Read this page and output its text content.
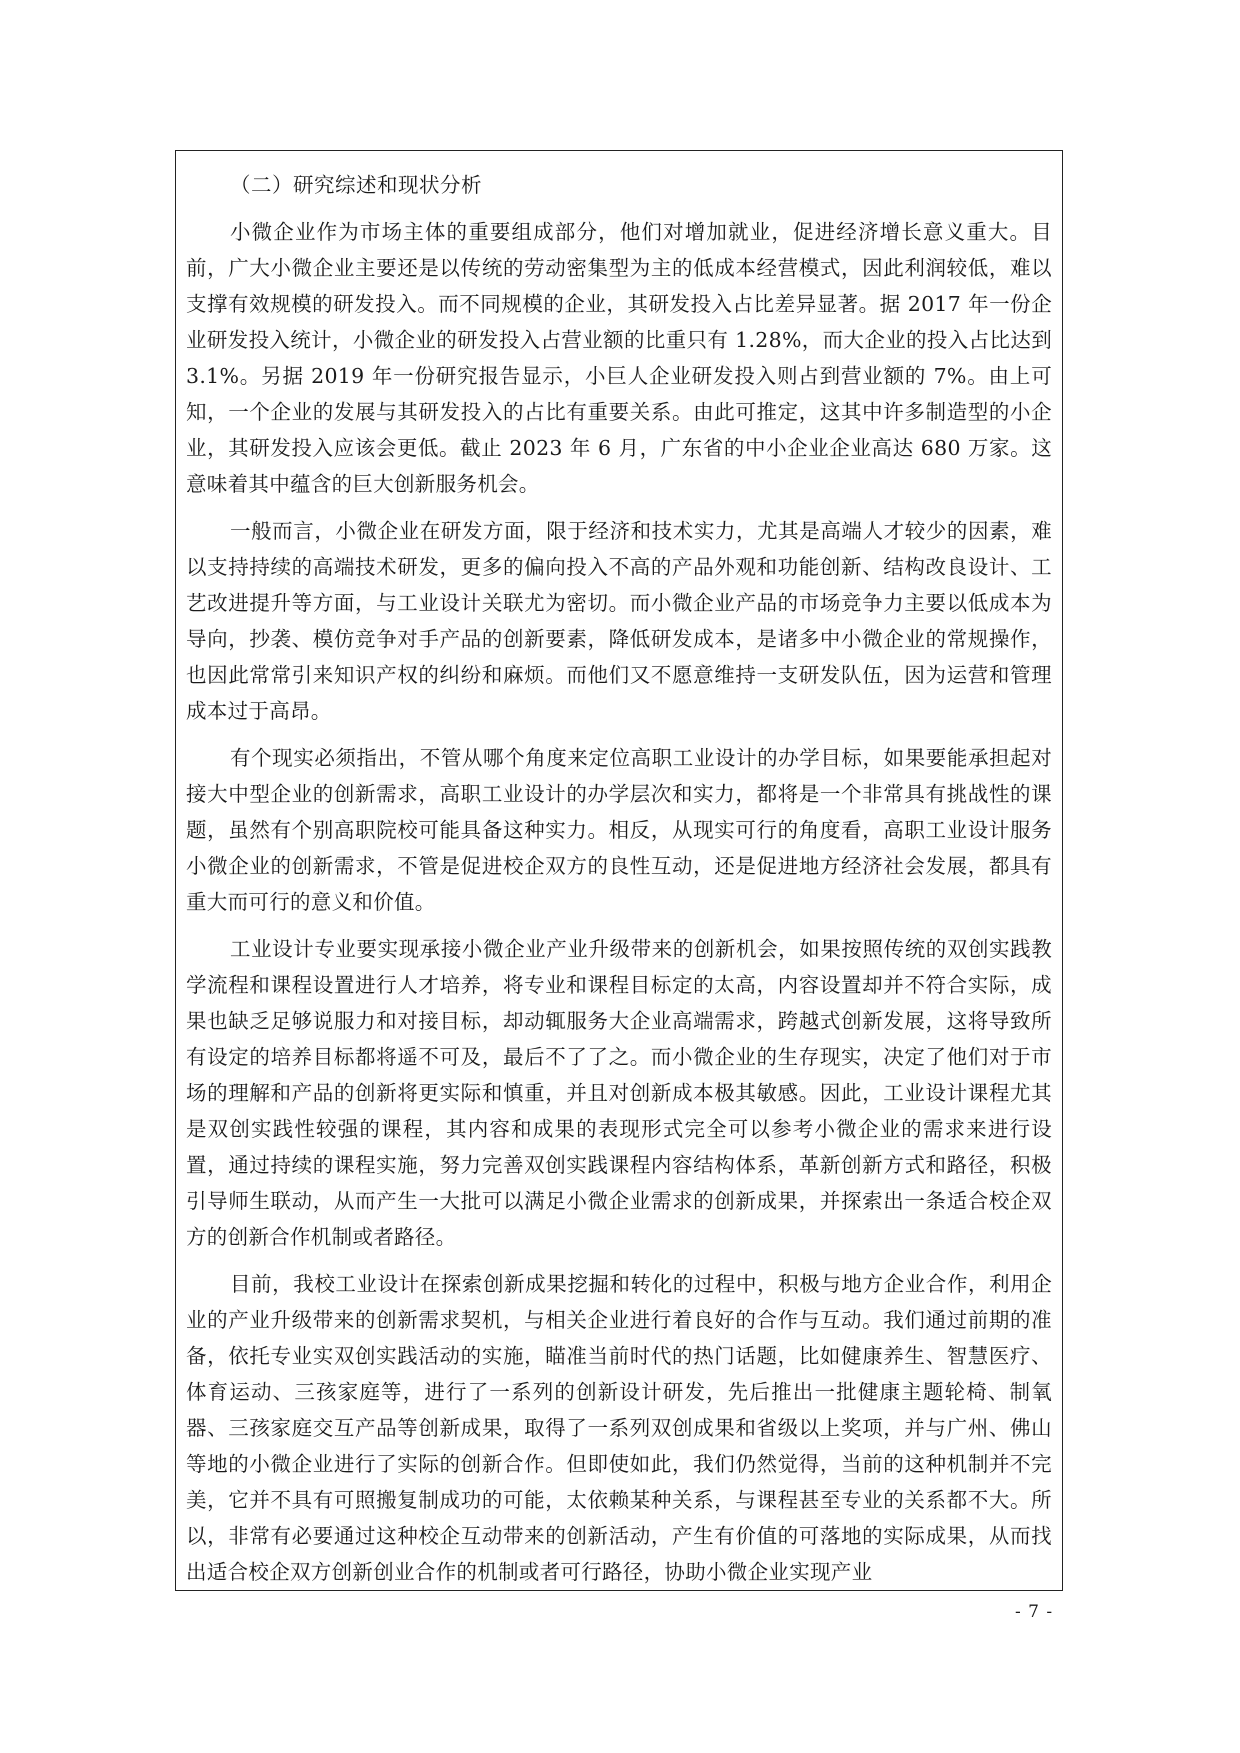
（二）研究综述和现状分析

小微企业作为市场主体的重要组成部分，他们对增加就业，促进经济增长意义重大。目前，广大小微企业主要还是以传统的劳动密集型为主的低成本经营模式，因此利润较低，难以支撑有效规模的研发投入。而不同规模的企业，其研发投入占比差异显著。据 2017 年一份企业研发投入统计，小微企业的研发投入占营业额的比重只有 1.28%，而大企业的投入占比达到 3.1%。另据 2019 年一份研究报告显示，小巨人企业研发投入则占到营业额的 7%。由上可知，一个企业的发展与其研发投入的占比有重要关系。由此可推定，这其中许多制造型的小企业，其研发投入应该会更低。截止 2023 年 6 月，广东省的中小企业企业高达 680 万家。这意味着其中蕴含的巨大创新服务机会。

一般而言，小微企业在研发方面，限于经济和技术实力，尤其是高端人才较少的因素，难以支持持续的高端技术研发，更多的偏向投入不高的产品外观和功能创新、结构改良设计、工艺改进提升等方面，与工业设计关联尤为密切。而小微企业产品的市场竞争力主要以低成本为导向，抄袭、模仿竞争对手产品的创新要素，降低研发成本，是诸多中小微企业的常规操作，也因此常常引来知识产权的纠纷和麻烦。而他们又不愿意维持一支研发队伍，因为运营和管理成本过于高昂。

有个现实必须指出，不管从哪个角度来定位高职工业设计的办学目标，如果要能承担起对接大中型企业的创新需求，高职工业设计的办学层次和实力，都将是一个非常具有挑战性的课题，虽然有个别高职院校可能具备这种实力。相反，从现实可行的角度看，高职工业设计服务小微企业的创新需求，不管是促进校企双方的良性互动，还是促进地方经济社会发展，都具有重大而可行的意义和价值。

工业设计专业要实现承接小微企业产业升级带来的创新机会，如果按照传统的双创实践教学流程和课程设置进行人才培养，将专业和课程目标定的太高，内容设置却并不符合实际，成果也缺乏足够说服力和对接目标，却动辄服务大企业高端需求，跨越式创新发展，这将导致所有设定的培养目标都将遥不可及，最后不了了之。而小微企业的生存现实，决定了他们对于市场的理解和产品的创新将更实际和慎重，并且对创新成本极其敏感。因此，工业设计课程尤其是双创实践性较强的课程，其内容和成果的表现形式完全可以参考小微企业的需求来进行设置，通过持续的课程实施，努力完善双创实践课程内容结构体系，革新创新方式和路径，积极引导师生联动，从而产生一大批可以满足小微企业需求的创新成果，并探索出一条适合校企双方的创新合作机制或者路径。

目前，我校工业设计在探索创新成果挖掘和转化的过程中，积极与地方企业合作，利用企业的产业升级带来的创新需求契机，与相关企业进行着良好的合作与互动。我们通过前期的准备，依托专业实双创实践活动的实施，瞄准当前时代的热门话题，比如健康养生、智慧医疗、体育运动、三孩家庭等，进行了一系列的创新设计研发，先后推出一批健康主题轮椅、制氧器、三孩家庭交互产品等创新成果，取得了一系列双创成果和省级以上奖项，并与广州、佛山等地的小微企业进行了实际的创新合作。但即使如此，我们仍然觉得，当前的这种机制并不完美，它并不具有可照搬复制成功的可能，太依赖某种关系，与课程甚至专业的关系都不大。所以，非常有必要通过这种校企互动带来的创新活动，产生有价值的可落地的实际成果，从而找出适合校企双方创新创业合作的机制或者可行路径，协助小微企业实现产业

- 7 -
